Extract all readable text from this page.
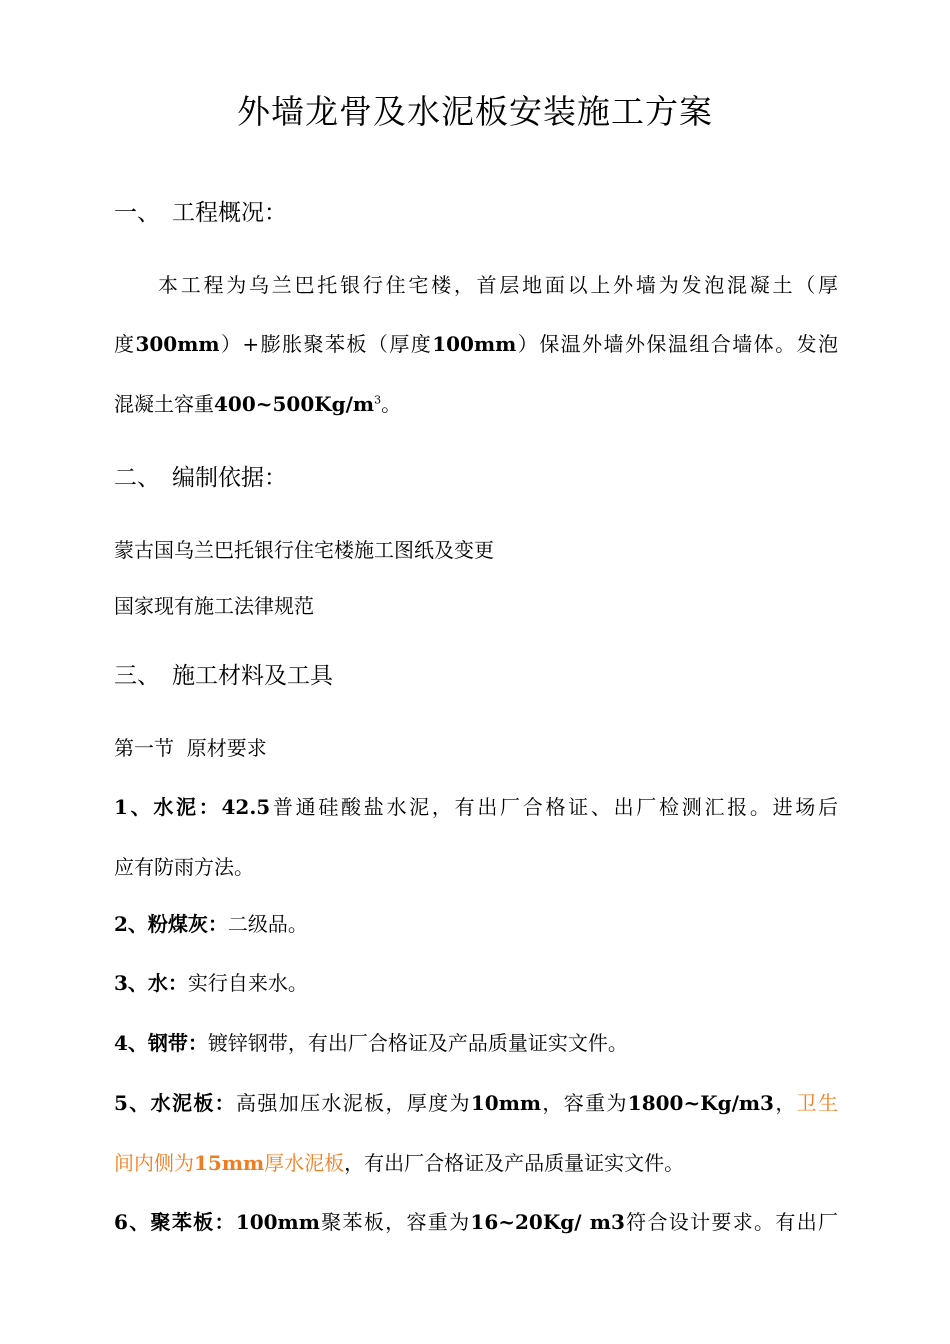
外墙龙骨及水泥板安装施工方案
一、 工程概况：
本工程为乌兰巴托银行住宅楼，首层地面以上外墙为发泡混凝土（厚
度300mm）+膨胀聚苯板（厚度100mm）保温外墙外保温组合墙体。发泡
混凝土容重$400\sim 500Kg/m^3$。
二、 编制依据：
蒙古国乌兰巴托银行住宅楼施工图纸及变更
国家现有施工法律规范
三、 施工材料及工具
第一节  原材要求
1、水泥：42.5普通硅酸盐水泥，有出厂合格证、出厂检测汇报。进场后
应有防雨方法。
2、粉煤灰：二级品。
3、水：实行自来水。
4、钢带：镀锌钢带，有出厂合格证及产品质量证实文件。
5、水泥板：高强加压水泥板，厚度为10mm，容重为1800~Kg/m3，卫生
间内侧为15mm厚水泥板，有出厂合格证及产品质量证实文件。
6、聚苯板：100mm聚苯板，容重为16~20Kg/ m3符合设计要求。有出厂
